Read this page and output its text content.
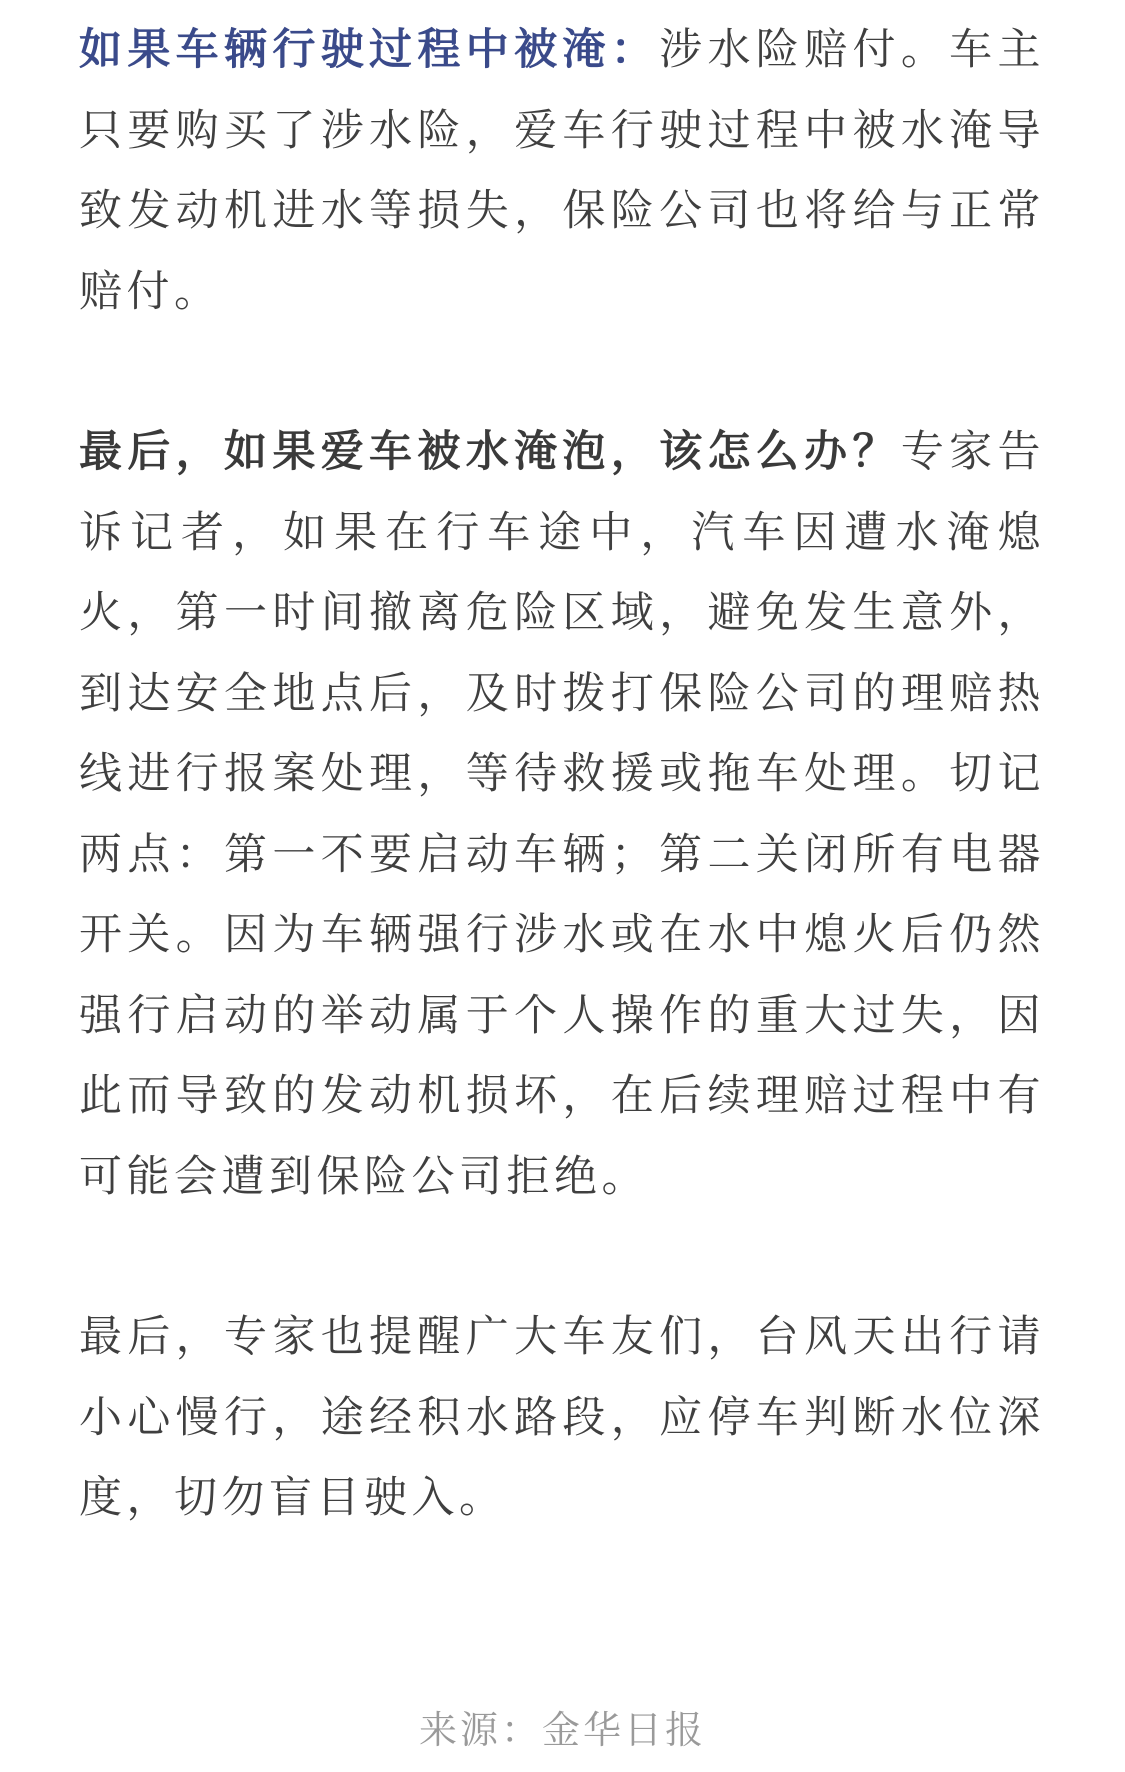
如果车辆行驶过程中被淹：涉水险赔付。车主只要购买了涉水险，爱车行驶过程中被水淹导致发动机进水等损失，保险公司也将给与正常赔付。

最后，如果爱车被水淹泡，该怎么办？专家告诉记者，如果在行车途中，汽车因遭水淹熄火，第一时间撤离危险区域，避免发生意外，到达安全地点后，及时拨打保险公司的理赔热线进行报案处理，等待救援或拖车处理。切记两点：第一不要启动车辆；第二关闭所有电器开关。因为车辆强行涉水或在水中熄火后仍然强行启动的举动属于个人操作的重大过失，因此而导致的发动机损坏，在后续理赔过程中有可能会遭到保险公司拒绝。

最后，专家也提醒广大车友们，台风天出行请小心慢行，途经积水路段，应停车判断水位深度，切勿盲目驶入。

来源：金华日报
